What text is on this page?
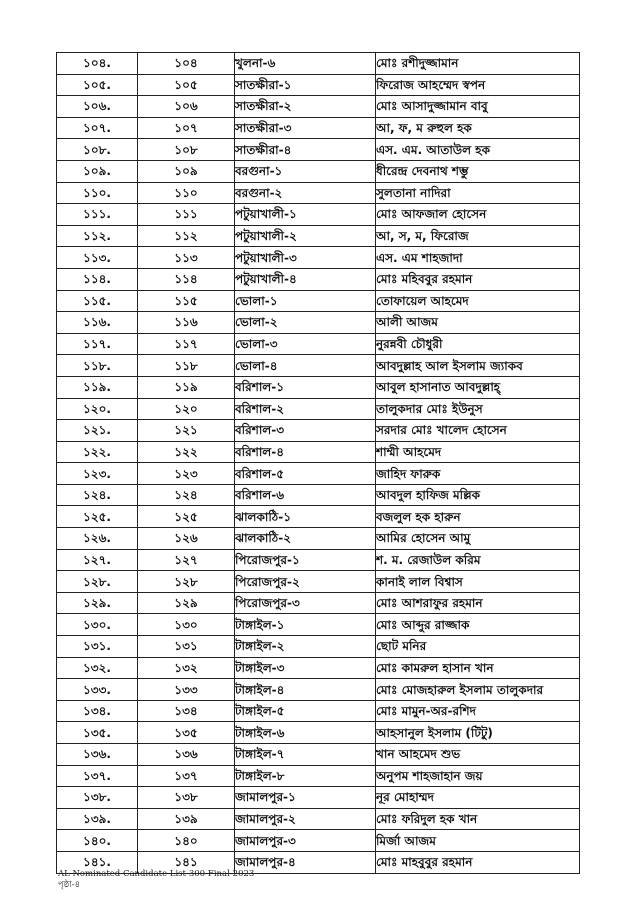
১০৪.	১০৪	খুলনা-৬	মোঃ রশীদুজ্জামান
১০৫.	১০৫	সাতক্ষীরা-১	ফিরোজ আহম্মেদ স্বপন
১০৬.	১০৬	সাতক্ষীরা-২	মোঃ আসাদুজ্জামান বাবু
১০৭.	১০৭	সাতক্ষীরা-৩	আ, ফ, ম রুহুল হক
১০৮.	১০৮	সাতক্ষীরা-৪	এস. এম. আতাউল হক
১০৯.	১০৯	বরগুনা-১	ধীরেন্দ্র দেবনাথ শম্ভু
১১০.	১১০	বরগুনা-২	সুলতানা নাদিরা
১১১.	১১১	পটুয়াখালী-১	মোঃ আফজাল হোসেন
১১২.	১১২	পটুয়াখালী-২	আ, স, ম, ফিরোজ
১১৩.	১১৩	পটুয়াখালী-৩	এস. এম শাহজাদা
১১৪.	১১৪	পটুয়াখালী-৪	মোঃ মহিববুর রহমান
১১৫.	১১৫	ভোলা-১	তোফায়েল আহমেদ
১১৬.	১১৬	ভোলা-২	আলী আজম
১১৭.	১১৭	ভোলা-৩	নুরন্নবী চৌধুরী
১১৮.	১১৮	ভোলা-৪	আবদুল্লাহ আল ইসলাম জ্যাকব
১১৯.	১১৯	বরিশাল-১	আবুল হাসানাত আবদুল্লাহ্
১২০.	১২০	বরিশাল-২	তালুকদার মোঃ ইউনুস
১২১.	১২১	বরিশাল-৩	সরদার মোঃ খালেদ হোসেন
১২২.	১২২	বরিশাল-৪	শাম্মী আহমেদ
১২৩.	১২৩	বরিশাল-৫	জাহিদ ফারুক
১২৪.	১২৪	বরিশাল-৬	আবদুল হাফিজ মল্লিক
১২৫.	১২৫	ঝালকাঠি-১	বজলুল হক হারুন
১২৬.	১২৬	ঝালকাঠি-২	আমির হোসেন আমু
১২৭.	১২৭	পিরোজপুর-১	শ. ম. রেজাউল করিম
১২৮.	১২৮	পিরোজপুর-২	কানাই লাল বিশ্বাস
১২৯.	১২৯	পিরোজপুর-৩	মোঃ আশরাফুর রহমান
১৩০.	১৩০	টাঙ্গাইল-১	মোঃ আব্দুর রাজ্জাক
১৩১.	১৩১	টাঙ্গাইল-২	ছোট মনির
১৩২.	১৩২	টাঙ্গাইল-৩	মোঃ কামরুল হাসান খান
১৩৩.	১৩৩	টাঙ্গাইল-৪	মোঃ মোজহারুল ইসলাম তালুকদার
১৩৪.	১৩৪	টাঙ্গাইল-৫	মোঃ মামুন-অর-রশিদ
১৩৫.	১৩৫	টাঙ্গাইল-৬	আহসানুল ইসলাম (টিটু)
১৩৬.	১৩৬	টাঙ্গাইল-৭	খান আহমেদ শুভ
১৩৭.	১৩৭	টাঙ্গাইল-৮	অনুপম শাহজাহান জয়
১৩৮.	১৩৮	জামালপুর-১	নূর মোহাম্মদ
১৩৯.	১৩৯	জামালপুর-২	মোঃ ফরিদুল হক খান
১৪০.	১৪০	জামালপুর-৩	মির্জা আজম
১৪১.	১৪১	জামালপুর-৪	মোঃ মাহবুবুর রহমান
AL Nominated Candidate List-300-Final-2023
পৃষ্ঠা-৪
